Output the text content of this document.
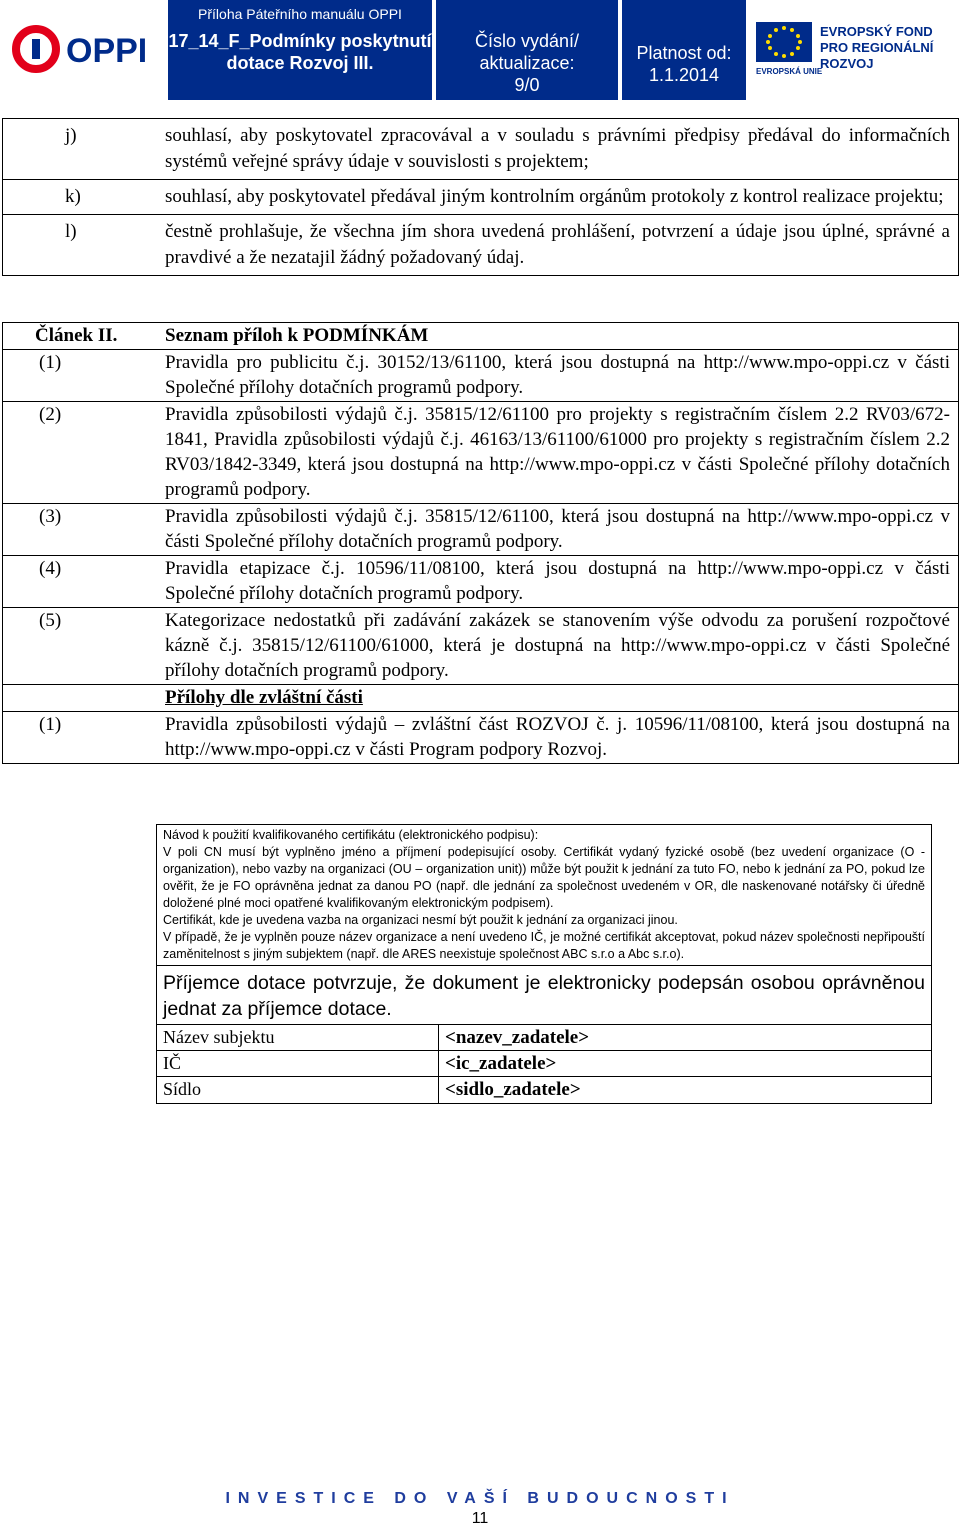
OPPI
Příloha Páteřního manuálu OPPI
17_14_F_Podmínky poskytnutí dotace Rozvoj III.
Číslo vydání/ aktualizace:
9/0
Platnost od:
1.1.2014	EVROPSKÁ UNIE
EVROPSKÝ FOND
PRO REGIONÁLNÍ
ROZVOJ
j)	souhlasí, aby poskytovatel zpracovával a v souladu s právními předpisy předával do informačních systémů veřejné správy údaje v souvislosti s projektem;
k)	souhlasí, aby poskytovatel předával jiným kontrolním orgánům protokoly z kontrol realizace projektu;
l)	čestně prohlašuje, že všechna jím shora uvedená prohlášení, potvrzení a údaje jsou úplné, správné a pravdivé a že nezatajil žádný požadovaný údaj.
Článek II.	Seznam příloh k PODMÍNKÁM
(1)	Pravidla pro publicitu č.j. 30152/13/61100, která jsou dostupná na http://www.mpo-oppi.cz v části Společné přílohy dotačních programů podpory.
(2)	Pravidla způsobilosti výdajů č.j. 35815/12/61100 pro projekty s registračním číslem 2.2 RV03/672-1841, Pravidla způsobilosti výdajů č.j. 46163/13/61100/61000 pro projekty s registračním číslem 2.2 RV03/1842-3349, která jsou dostupná na http://www.mpo-oppi.cz v části Společné přílohy dotačních programů podpory.
(3)	Pravidla způsobilosti výdajů č.j. 35815/12/61100, která jsou dostupná na http://www.mpo-oppi.cz v části Společné přílohy dotačních programů podpory.
(4)	Pravidla etapizace č.j. 10596/11/08100, která jsou dostupná na http://www.mpo-oppi.cz v části Společné přílohy dotačních programů podpory.
(5)	Kategorizace nedostatků při zadávání zakázek se stanovením výše odvodu za porušení rozpočtové kázně č.j. 35815/12/61100/61000, která je dostupná na http://www.mpo-oppi.cz v části Společné přílohy dotačních programů podpory.
Přílohy dle zvláštní části
(1)	Pravidla způsobilosti výdajů – zvláštní část ROZVOJ č. j. 10596/11/08100, která jsou dostupná na http://www.mpo-oppi.cz v části Program podpory Rozvoj.

Návod k použití kvalifikovaného certifikátu (elektronického podpisu):

V poli CN musí být vyplněno jméno a příjmení podepisující osoby. Certifikát vydaný fyzické osobě (bez uvedení organizace (O - organization), nebo vazby na organizaci (OU – organization unit)) může být použit k jednání za tuto FO, nebo k jednání za PO, pokud lze ověřit, že je FO oprávněna jednat za danou PO (např. dle jednání za společnost uvedeném v OR, dle naskenované notářsky či úředně doložené plné moci opatřené kvalifikovaným elektronickým podpisem).

Certifikát, kde je uvedena vazba na organizaci nesmí být použit k jednání za organizaci jinou.

V případě, že je vyplněn pouze název organizace a není uvedeno IČ, je možné certifikát akceptovat, pokud název společnosti nepřipouští zaměnitelnost s jiným subjektem (např. dle ARES neexistuje společnost ABC s.r.o a Abc s.r.o).

Příjemce dotace potvrzuje, že dokument je elektronicky podepsán osobou oprávněnou jednat za příjemce dotace.
Název subjektu	<nazev_zadatele>
IČ	<ic_zadatele>
Sídlo	<sidlo_zadatele>
INVESTICE DO VAŠÍ BUDOUCNOSTI
11
